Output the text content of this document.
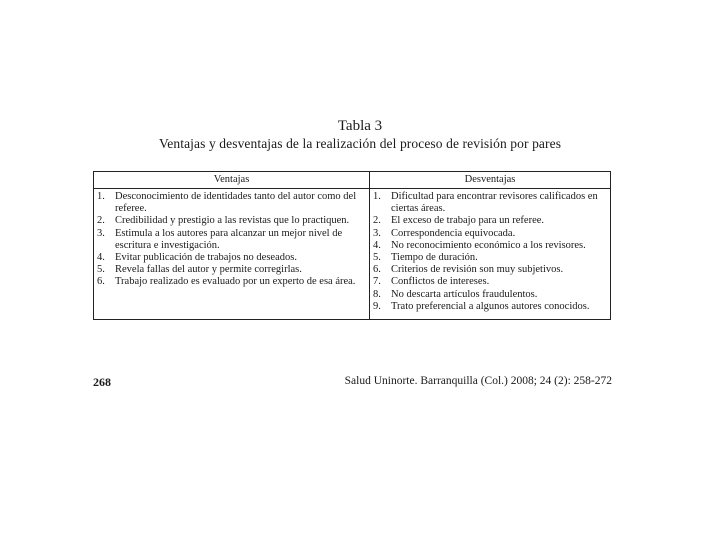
Tabla 3
Ventajas y desventajas de la realización del proceso de revisión por pares
Ventajas	Desventajas
1. Desconocimiento de identidades tanto del autor como del referee.
2. Credibilidad y prestigio a las revistas que lo practiquen.
3. Estimula a los autores para alcanzar un mejor nivel de escritura e investigación.
4. Evitar publicación de trabajos no deseados.
5. Revela fallas del autor y permite corregirlas.
6. Trabajo realizado es evaluado por un experto de esa área.
1. Dificultad para encontrar revisores calificados en ciertas áreas.
2. El exceso de trabajo para un referee.
3. Correspondencia equivocada.
4. No reconocimiento económico a los revisores.
5. Tiempo de duración.
6. Criterios de revisión son muy subjetivos.
7. Conflictos de intereses.
8. No descarta artículos fraudulentos.
9. Trato preferencial a algunos autores conocidos.
268	Salud Uninorte. Barranquilla (Col.) 2008; 24 (2): 258-272
